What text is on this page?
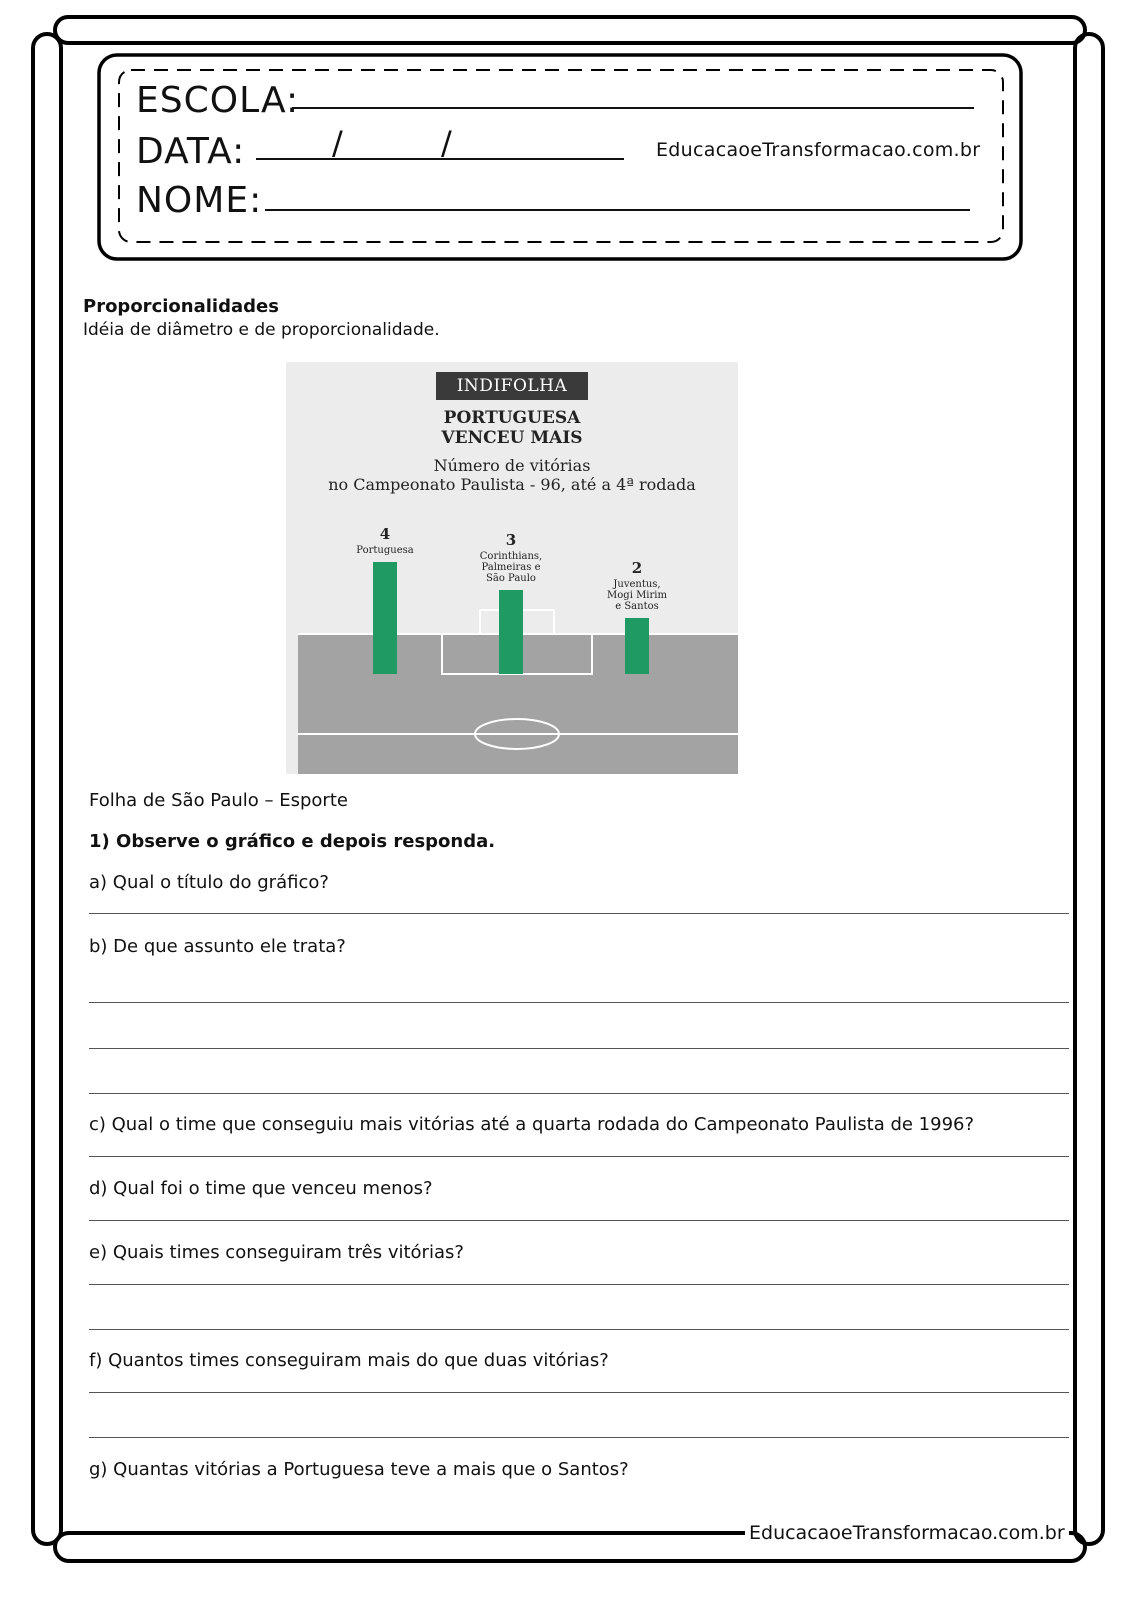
ESCOLA:
DATA:	/	/	EducacaoeTransformacao.com.br
NOME:
Proporcionalidades
Idéia de diâmetro e de proporcionalidade.
INDIFOLHA
PORTUGUESA
VENCEU MAIS
Número de vitórias
no Campeonato Paulista - 96, até a 4ª rodada
Portuguesa
4
Corinthians,
Palmeiras e
São Paulo
3
Juventus,
Mogi Mirim
e Santos
2
Folha de São Paulo – Esporte
1) Observe o gráfico e depois responda.
a) Qual o título do gráfico?
b) De que assunto ele trata?
c) Qual o time que conseguiu mais vitórias até a quarta rodada do Campeonato Paulista de 1996?
d) Qual foi o time que venceu menos?
e) Quais times conseguiram três vitórias?
f) Quantos times conseguiram mais do que duas vitórias?
g) Quantas vitórias a Portuguesa teve a mais que o Santos?
EducacaoeTransformacao.com.br
